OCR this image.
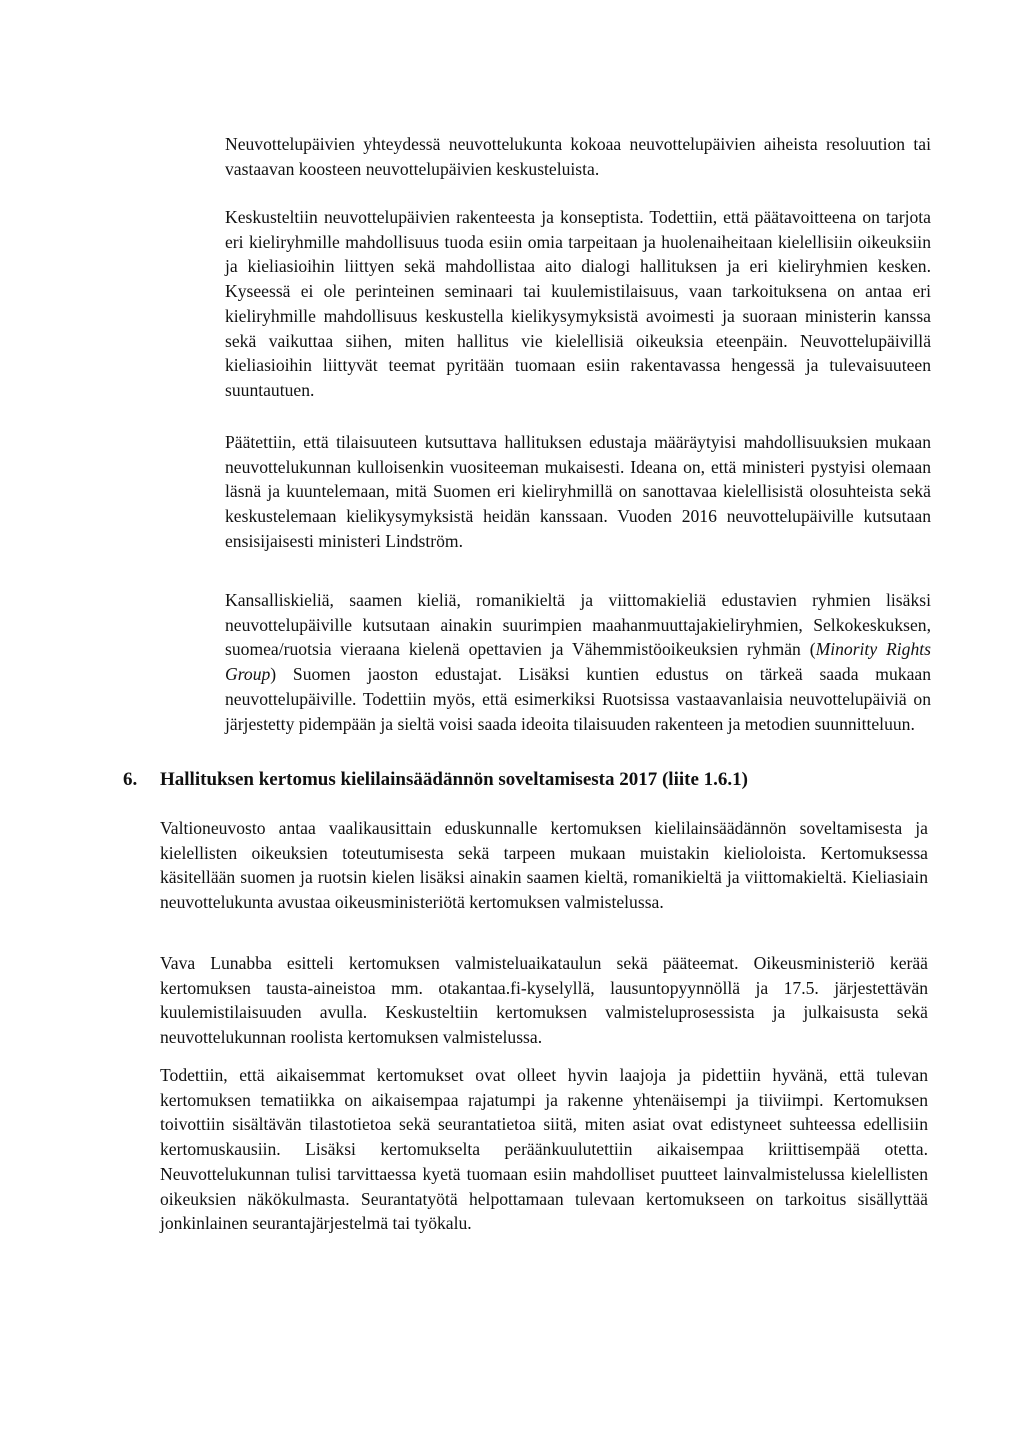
Neuvottelupäivien yhteydessä neuvottelukunta kokoaa neuvottelupäivien aiheista resoluution tai vastaavan koosteen neuvottelupäivien keskusteluista.

Keskusteltiin neuvottelupäivien rakenteesta ja konseptista. Todettiin, että päätavoitteena on tarjota eri kieliryhmille mahdollisuus tuoda esiin omia tarpeitaan ja huolenaiheitaan kielellisiin oikeuksiin ja kieliasioihin liittyen sekä mahdollistaa aito dialogi hallituksen ja eri kieliryhmien kesken. Kyseessä ei ole perinteinen seminaari tai kuulemistilaisuus, vaan tarkoituksena on antaa eri kieliryhmille mahdollisuus keskustella kielikysymyksistä avoimesti ja suoraan ministerin kanssa sekä vaikuttaa siihen, miten hallitus vie kielellisiä oikeuksia eteenpäin. Neuvottelupäivillä kieliasioihin liittyvät teemat pyritään tuomaan esiin rakentavassa hengessä ja tulevaisuuteen suuntautuen.

Päätettiin, että tilaisuuteen kutsuttava hallituksen edustaja määräytyisi mahdollisuuksien mukaan neuvottelukunnan kulloisenkin vuositeeman mukaisesti. Ideana on, että ministeri pystyisi olemaan läsnä ja kuuntelemaan, mitä Suomen eri kieliryhmillä on sanottavaa kielellisistä olosuhteista sekä keskustelemaan kielikysymyksistä heidän kanssaan. Vuoden 2016 neuvottelupäiville kutsutaan ensisijaisesti ministeri Lindström.

Kansalliskieliä, saamen kieliä, romanikieltä ja viittomakieliä edustavien ryhmien lisäksi neuvottelupäiville kutsutaan ainakin suurimpien maahanmuuttajakieliryhmien, Selkokeskuksen, suomea/ruotsia vieraana kielenä opettavien ja Vähemmistöoikeuksien ryhmän (Minority Rights Group) Suomen jaoston edustajat. Lisäksi kuntien edustus on tärkeä saada mukaan neuvottelupäiville. Todettiin myös, että esimerkiksi Ruotsissa vastaavanlaisia neuvottelupäiviä on järjestetty pidempään ja sieltä voisi saada ideoita tilaisuuden rakenteen ja metodien suunnitteluun.

6. Hallituksen kertomus kielilainsäädännön soveltamisesta 2017 (liite 1.6.1)

Valtioneuvosto antaa vaalikausittain eduskunnalle kertomuksen kielilainsäädännön soveltamisesta ja kielellisten oikeuksien toteutumisesta sekä tarpeen mukaan muistakin kielioloista. Kertomuksessa käsitellään suomen ja ruotsin kielen lisäksi ainakin saamen kieltä, romanikieltä ja viittomakieltä. Kieliasiain neuvottelukunta avustaa oikeusministeriötä kertomuksen valmistelussa.

Vava Lunabba esitteli kertomuksen valmisteluaikataulun sekä pääteemat. Oikeusministeriö kerää kertomuksen tausta-aineistoa mm. otakantaa.fi-kyselyllä, lausuntopyynnöllä ja 17.5. järjestettävän kuulemistilaisuuden avulla. Keskusteltiin kertomuksen valmisteluprosessista ja julkaisusta sekä neuvottelukunnan roolista kertomuksen valmistelussa.

Todettiin, että aikaisemmat kertomukset ovat olleet hyvin laajoja ja pidettiin hyvänä, että tulevan kertomuksen tematiikka on aikaisempaa rajatumpi ja rakenne yhtenäisempi ja tiiviimpi. Kertomuksen toivottiin sisältävän tilastotietoa sekä seurantatietoa siitä, miten asiat ovat edistyneet suhteessa edellisiin kertomuskausiin. Lisäksi kertomukselta peräänkuulutettiin aikaisempaa kriittisempää otetta. Neuvottelukunnan tulisi tarvittaessa kyetä tuomaan esiin mahdolliset puutteet lainvalmistelussa kielellisten oikeuksien näkökulmasta. Seurantatyötä helpottamaan tulevaan kertomukseen on tarkoitus sisällyttää jonkinlainen seurantajärjestelmä tai työkalu.
